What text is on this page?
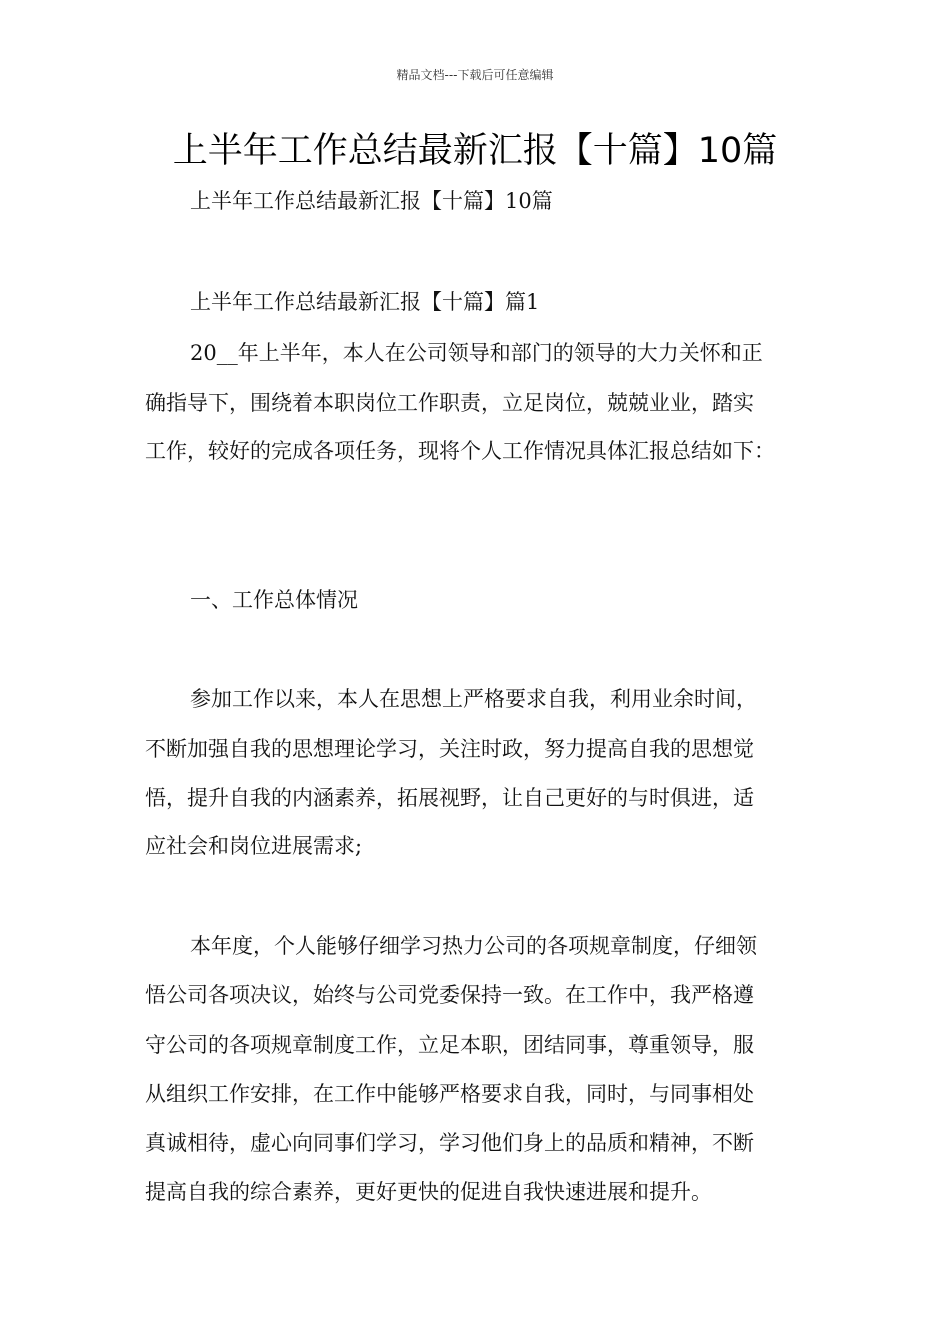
精品文档---下载后可任意编辑
上半年工作总结最新汇报【十篇】10篇
上半年工作总结最新汇报【十篇】10篇
上半年工作总结最新汇报【十篇】篇1
20__年上半年，本人在公司领导和部门的领导的大力关怀和正
确指导下，围绕着本职岗位工作职责，立足岗位，兢兢业业，踏实
工作，较好的完成各项任务，现将个人工作情况具体汇报总结如下：
一、工作总体情况
参加工作以来，本人在思想上严格要求自我，利用业余时间，
不断加强自我的思想理论学习，关注时政，努力提高自我的思想觉
悟，提升自我的内涵素养，拓展视野，让自己更好的与时俱进，适
应社会和岗位进展需求;
本年度，个人能够仔细学习热力公司的各项规章制度，仔细领
悟公司各项决议，始终与公司党委保持一致。在工作中，我严格遵
守公司的各项规章制度工作，立足本职，团结同事，尊重领导，服
从组织工作安排，在工作中能够严格要求自我，同时，与同事相处
真诚相待，虚心向同事们学习，学习他们身上的品质和精神，不断
提高自我的综合素养，更好更快的促进自我快速进展和提升。
